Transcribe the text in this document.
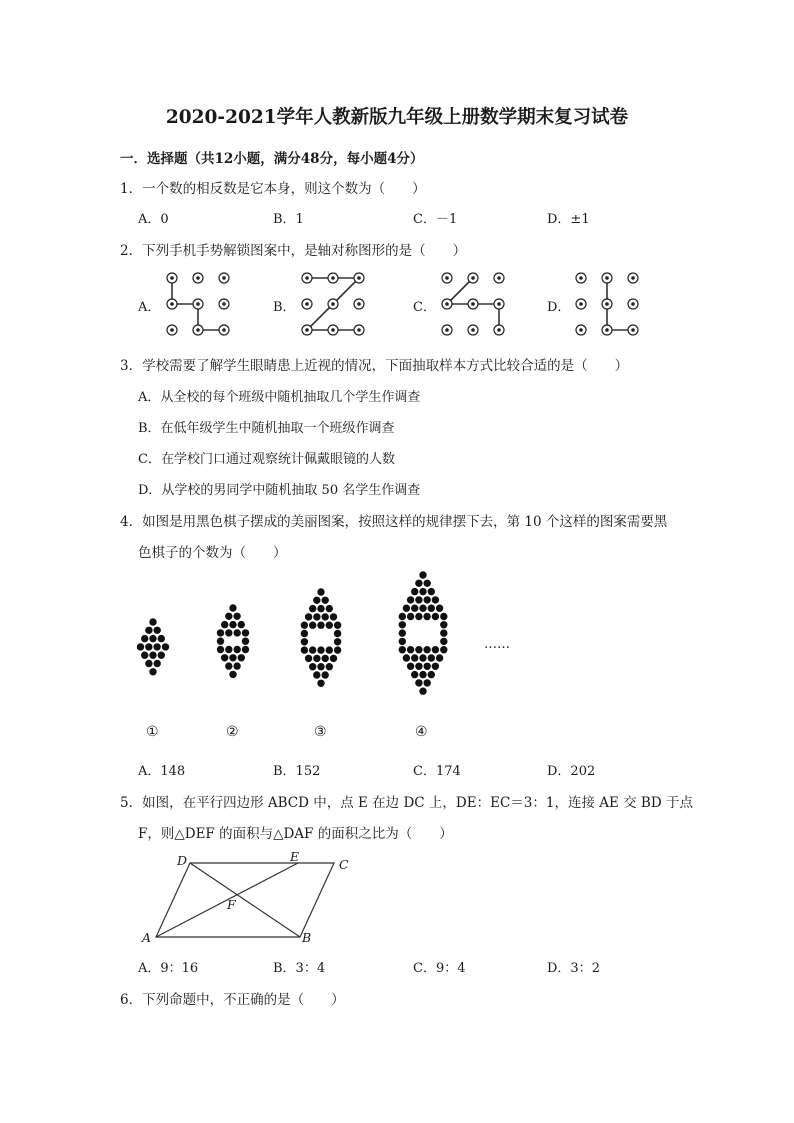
2020-2021学年人教新版九年级上册数学期末复习试卷
一．选择题（共12小题，满分48分，每小题4分）
1．一个数的相反数是它本身，则这个数为（　　）
A．0	B．1	C．－1	D．±1
2．下列手机手势解锁图案中，是轴对称图形的是（　　）
A．	B．	C．	D．
3．学校需要了解学生眼睛患上近视的情况，下面抽取样本方式比较合适的是（　　）
A．从全校的每个班级中随机抽取几个学生作调查
B．在低年级学生中随机抽取一个班级作调查
C．在学校门口通过观察统计佩戴眼镜的人数
D．从学校的男同学中随机抽取 50 名学生作调查
4．如图是用黑色棋子摆成的美丽图案，按照这样的规律摆下去，第 10 个这样的图案需要黑
色棋子的个数为（　　）
……
①	②	③	④
A．148	B．152	C．174	D．202
5．如图，在平行四边形 ABCD 中，点 E 在边 DC 上，DE：EC＝3：1，连接 AE 交 BD 于点
F，则△DEF 的面积与△DAF 的面积之比为（　　）
D	E
C
F
A	B
A．9：16	B．3：4	C．9：4	D．3：2
6．下列命题中，不正确的是（　　）
